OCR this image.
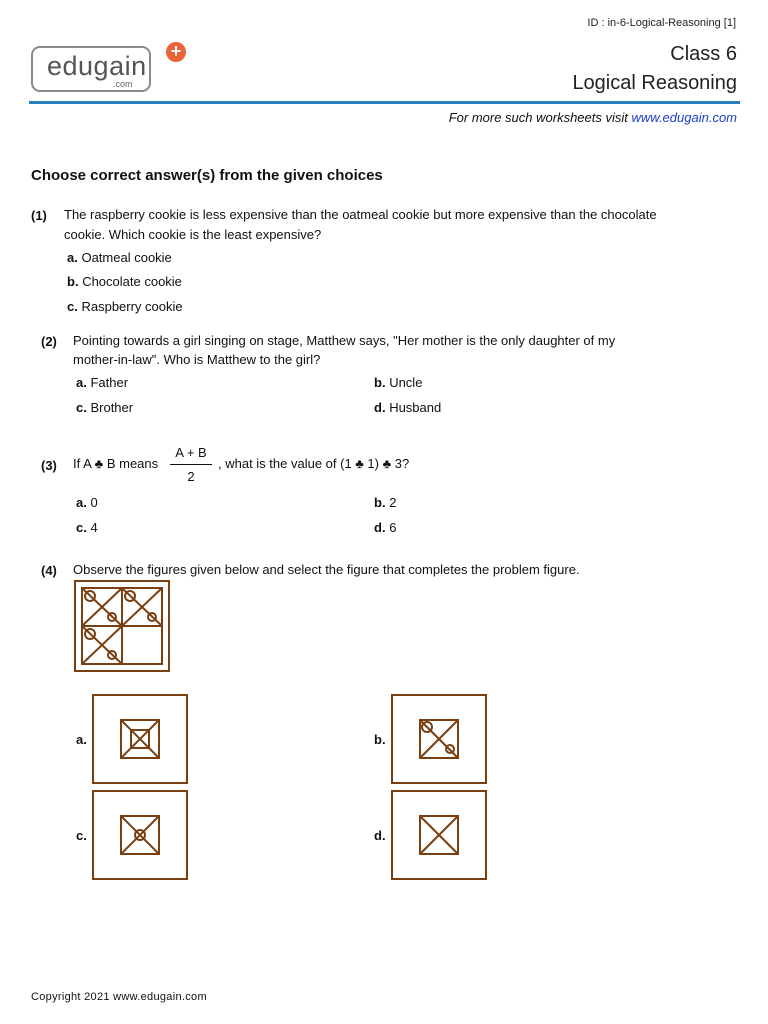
ID : in-6-Logical-Reasoning [1]
edugain
.com
+	Class 6
Logical Reasoning
For more such worksheets visit www.edugain.com
Choose correct answer(s) from the given choices
(1) The raspberry cookie is less expensive than the oatmeal cookie but more expensive than the chocolate
cookie. Which cookie is the least expensive?
a. Oatmeal cookie
b. Chocolate cookie
c. Raspberry cookie
(2) Pointing towards a girl singing on stage, Matthew says, "Her mother is the only daughter of my
mother-in-law". Who is Matthew to the girl?
a. Father	b. Uncle
c. Brother	d. Husband
(3) If A ♣ B means
A + B
2
, what is the value of (1 ♣ 1) ♣ 3?
a. 0	b. 2
c. 4	d. 6
(4) Observe the figures given below and select the figure that completes the problem figure.
a.	b.
c.	d.
Copyright 2021 www.edugain.com
